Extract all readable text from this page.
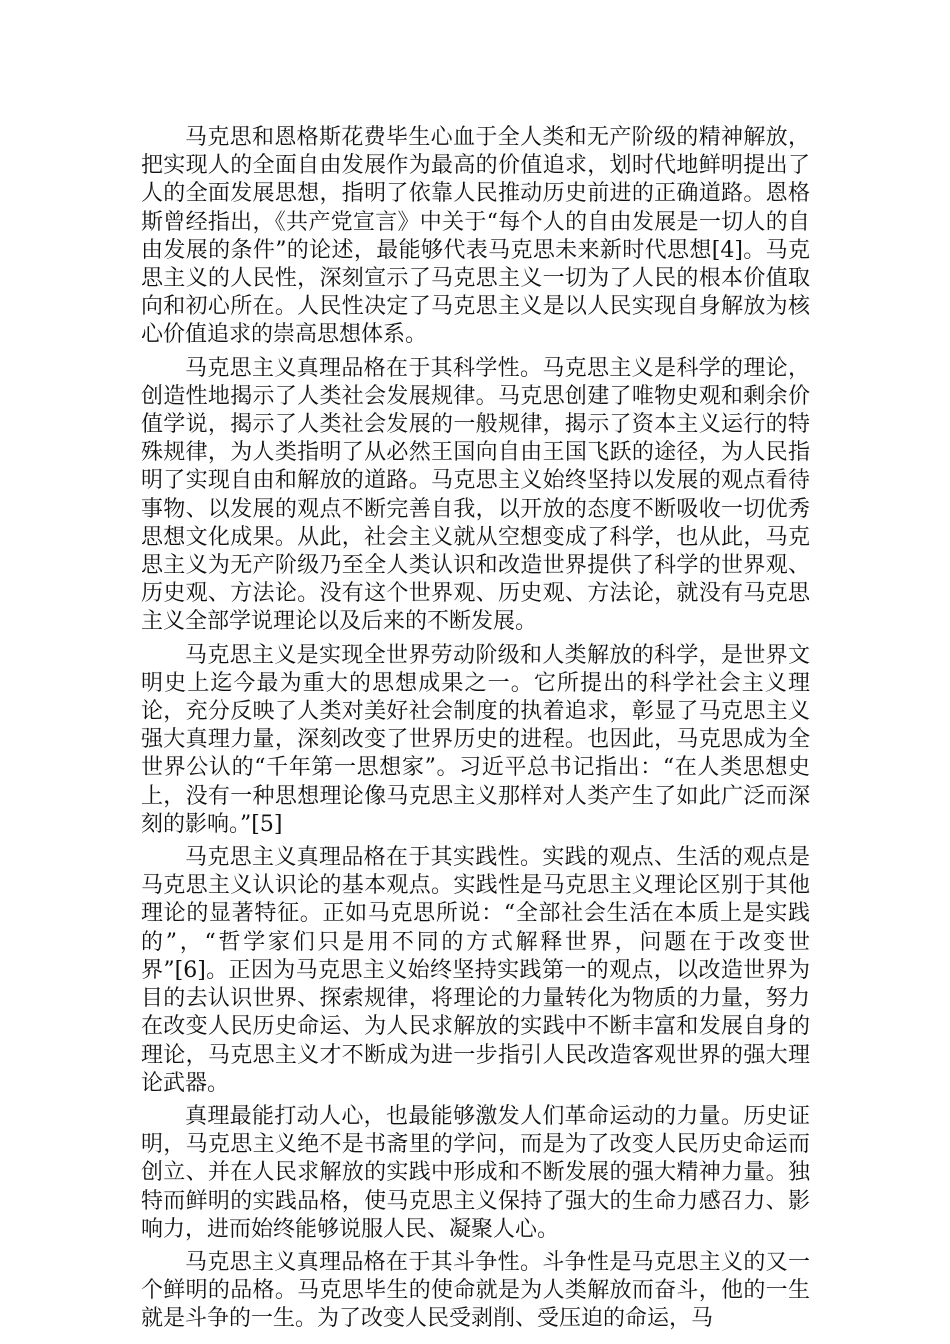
马克思和恩格斯花费毕生心血于全人类和无产阶级的精神解放，把实现人的全面自由发展作为最高的价值追求，划时代地鲜明提出了人的全面发展思想，指明了依靠人民推动历史前进的正确道路。恩格斯曾经指出，《共产党宣言》中关于“每个人的自由发展是一切人的自由发展的条件”的论述，最能够代表马克思未来新时代思想[4]。马克思主义的人民性，深刻宣示了马克思主义一切为了人民的根本价值取向和初心所在。人民性决定了马克思主义是以人民实现自身解放为核心价值追求的崇高思想体系。

马克思主义真理品格在于其科学性。马克思主义是科学的理论，创造性地揭示了人类社会发展规律。马克思创建了唯物史观和剩余价值学说，揭示了人类社会发展的一般规律，揭示了资本主义运行的特殊规律，为人类指明了从必然王国向自由王国飞跃的途径，为人民指明了实现自由和解放的道路。马克思主义始终坚持以发展的观点看待事物、以发展的观点不断完善自我，以开放的态度不断吸收一切优秀思想文化成果。从此，社会主义就从空想变成了科学，也从此，马克思主义为无产阶级乃至全人类认识和改造世界提供了科学的世界观、历史观、方法论。没有这个世界观、历史观、方法论，就没有马克思主义全部学说理论以及后来的不断发展。

马克思主义是实现全世界劳动阶级和人类解放的科学，是世界文明史上迄今最为重大的思想成果之一。它所提出的科学社会主义理论，充分反映了人类对美好社会制度的执着追求，彰显了马克思主义强大真理力量，深刻改变了世界历史的进程。也因此，马克思成为全世界公认的“千年第一思想家”。习近平总书记指出：“在人类思想史上，没有一种思想理论像马克思主义那样对人类产生了如此广泛而深刻的影响。”[5]

马克思主义真理品格在于其实践性。实践的观点、生活的观点是马克思主义认识论的基本观点。实践性是马克思主义理论区别于其他理论的显著特征。正如马克思所说：“全部社会生活在本质上是实践的”，“哲学家们只是用不同的方式解释世界，问题在于改变世界”[6]。正因为马克思主义始终坚持实践第一的观点，以改造世界为目的去认识世界、探索规律，将理论的力量转化为物质的力量，努力在改变人民历史命运、为人民求解放的实践中不断丰富和发展自身的理论，马克思主义才不断成为进一步指引人民改造客观世界的强大理论武器。

真理最能打动人心，也最能够激发人们革命运动的力量。历史证明，马克思主义绝不是书斋里的学问，而是为了改变人民历史命运而创立、并在人民求解放的实践中形成和不断发展的强大精神力量。独特而鲜明的实践品格，使马克思主义保持了强大的生命力感召力、影响力，进而始终能够说服人民、凝聚人心。

马克思主义真理品格在于其斗争性。斗争性是马克思主义的又一个鲜明的品格。马克思毕生的使命就是为人类解放而奋斗，他的一生就是斗争的一生。为了改变人民受剥削、受压迫的命运，马
